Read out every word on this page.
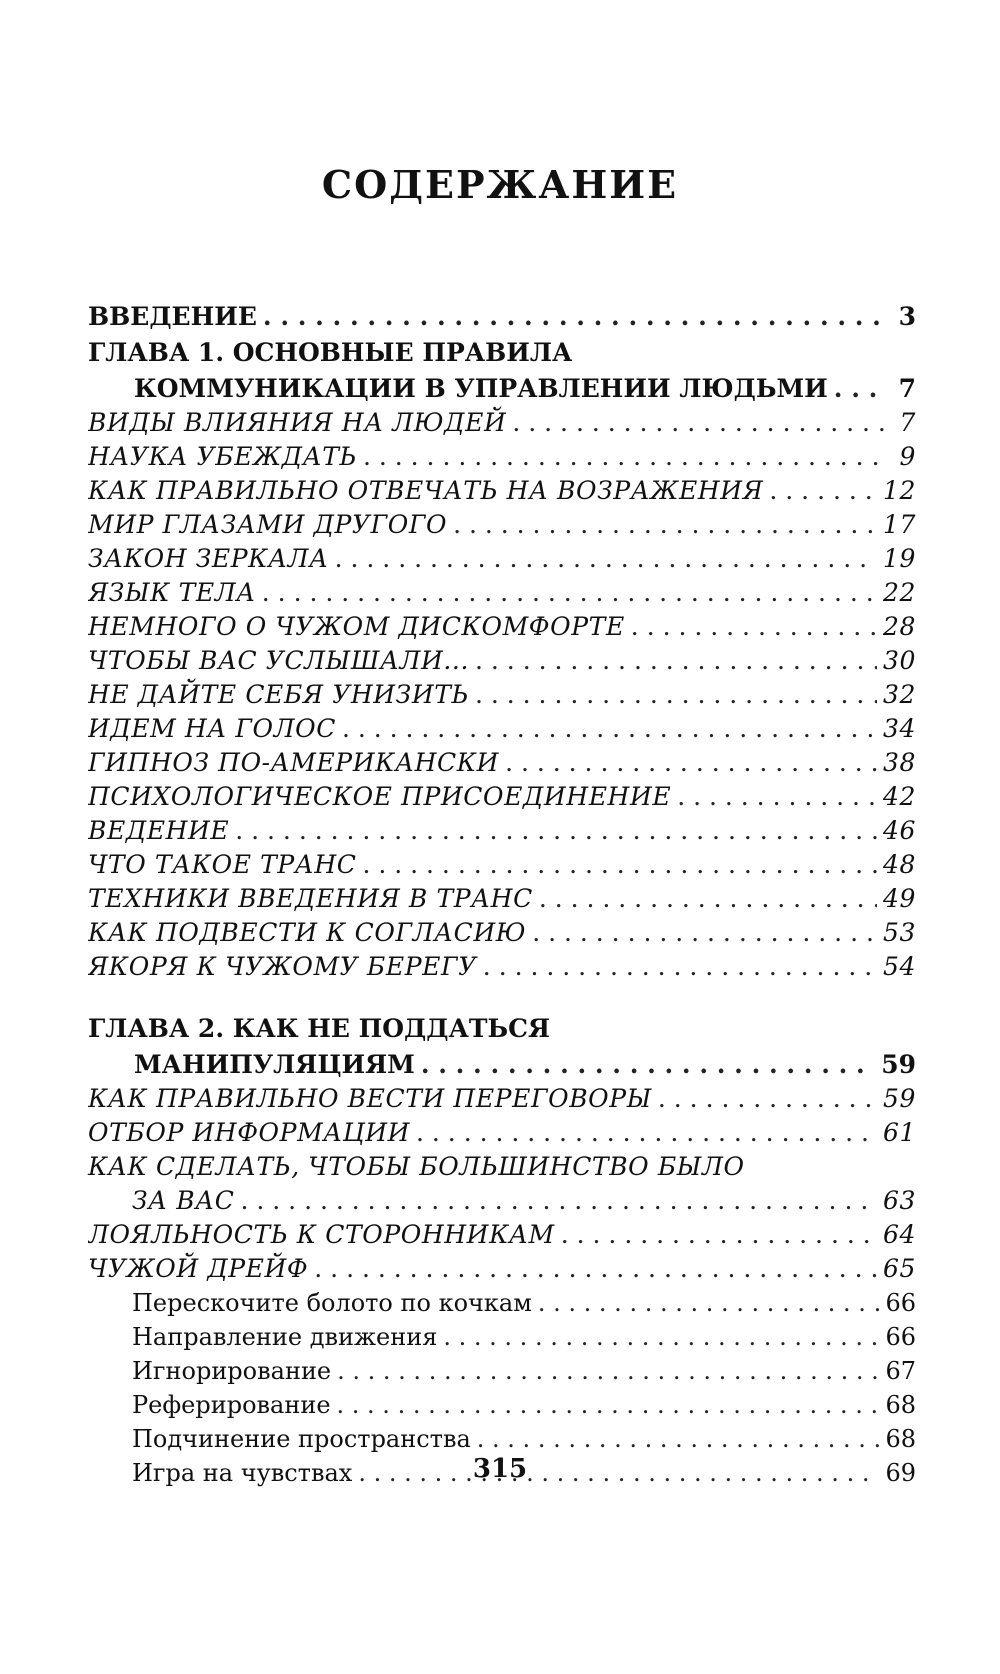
СОДЕРЖАНИЕ
ВВЕДЕНИЕ . . .	3
ГЛАВА 1. ОСНОВНЫЕ ПРАВИЛА
КОММУНИКАЦИИ В УПРАВЛЕНИИ ЛЮДЬМИ . . .	7
ВИДЫ ВЛИЯНИЯ НА ЛЮДЕЙ . . .	7
НАУКА УБЕЖДАТЬ . . .	9
КАК ПРАВИЛЬНО ОТВЕЧАТЬ НА ВОЗРАЖЕНИЯ . . .	12
МИР ГЛАЗАМИ ДРУГОГО . . .	17
ЗАКОН ЗЕРКАЛА . . .	19
ЯЗЫК ТЕЛА . . .	22
НЕМНОГО О ЧУЖОМ ДИСКОМФОРТЕ . . .	28
ЧТОБЫ ВАС УСЛЫШАЛИ... . . .	30
НЕ ДАЙТЕ СЕБЯ УНИЗИТЬ . . .	32
ИДЕМ НА ГОЛОС . . .	34
ГИПНОЗ ПО-АМЕРИКАНСКИ . . .	38
ПСИХОЛОГИЧЕСКОЕ ПРИСОЕДИНЕНИЕ . . .	42
ВЕДЕНИЕ . . .	46
ЧТО ТАКОЕ ТРАНС . . .	48
ТЕХНИКИ ВВЕДЕНИЯ В ТРАНС . . .	49
КАК ПОДВЕСТИ К СОГЛАСИЮ . . .	53
ЯКОРЯ К ЧУЖОМУ БЕРЕГУ . . .	54
ГЛАВА 2. КАК НЕ ПОДДАТЬСЯ
МАНИПУЛЯЦИЯМ . . .	59
КАК ПРАВИЛЬНО ВЕСТИ ПЕРЕГОВОРЫ . . .	59
ОТБОР ИНФОРМАЦИИ . . .	61
КАК СДЕЛАТЬ, ЧТОБЫ БОЛЬШИНСТВО БЫЛО
ЗА ВАС . . .	63
ЛОЯЛЬНОСТЬ К СТОРОННИКАМ . . .	64
ЧУЖОЙ ДРЕЙФ . . .	65
Перескочите болото по кочкам . . .	66
Направление движения . . .	66
Игнорирование . . .	67
Реферирование . . .	68
Подчинение пространства . . .	68
Игра на чувствах . . .	69
315
